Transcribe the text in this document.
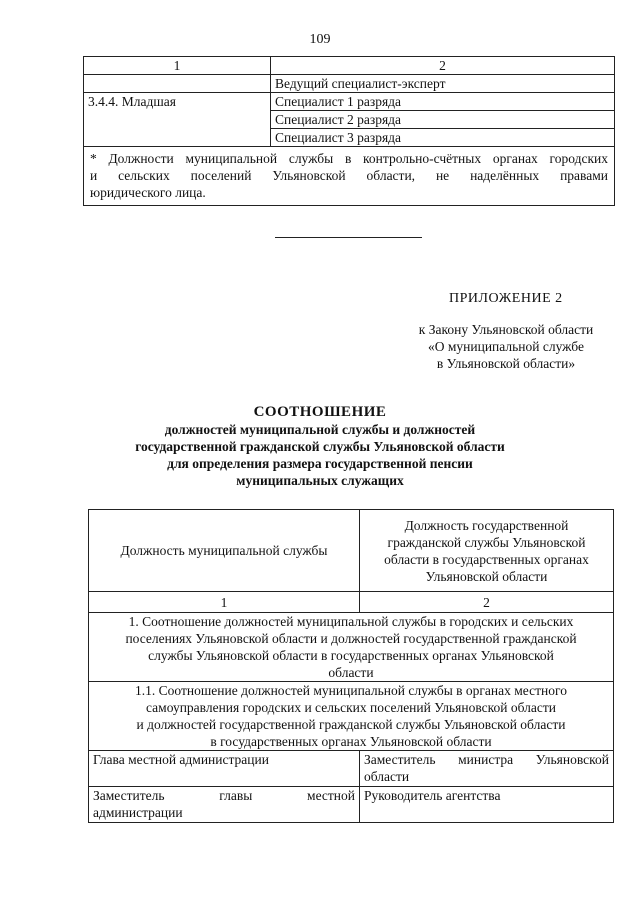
109
1	2
	Ведущий специалист-эксперт
3.4.4. Младшая	Специалист 1 разряда
	Специалист 2 разряда
	Специалист 3 разряда

* Должности муниципальной службы в контрольно-счётных органах городских
и сельских поселений Ульяновской области, не наделённых правами
юридического лица.	
ПРИЛОЖЕНИЕ 2
к Закону Ульяновской области
«О муниципальной службе
в Ульяновской области»
СООТНОШЕНИЕ
должностей муниципальной службы и должностей
государственной гражданской службы Ульяновской области
для определения размера государственной пенсии
муниципальных служащих
Должность муниципальной службы	Должность государственной
гражданской службы Ульяновской
области в государственных органах
Ульяновской области

1	2

1. Соотношение должностей муниципальной службы в городских и сельских
поселениях Ульяновской области и должностей государственной гражданской
службы Ульяновской области в государственных органах Ульяновской
области	

1.1. Соотношение должностей муниципальной службы в органах местного
самоуправления городских и сельских поселений Ульяновской области
и должностей государственной гражданской службы Ульяновской области
в государственных органах Ульяновской области	

Глава местной администрации	Заместитель министра Ульяновской
области

Заместитель главы местной
администрации	Руководитель агентства
